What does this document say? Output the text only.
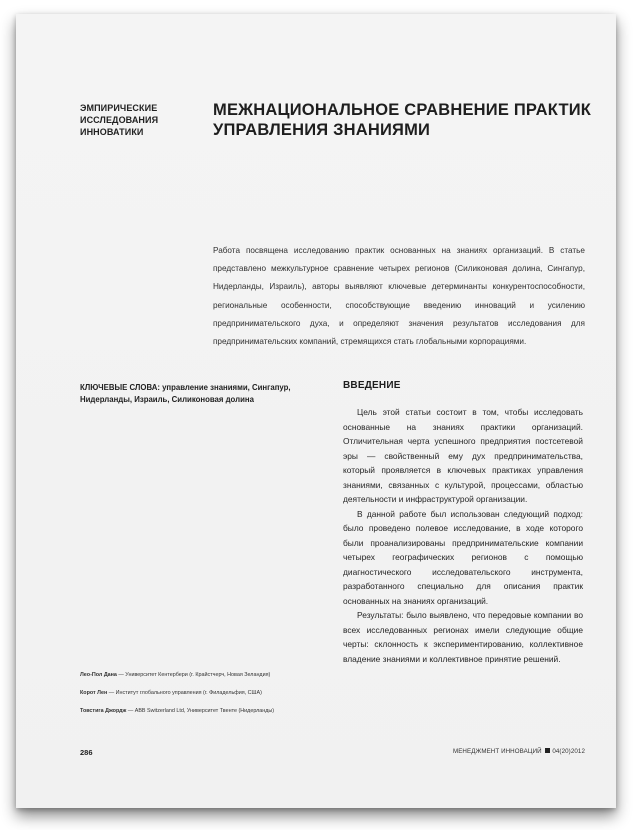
ЭМПИРИЧЕСКИЕ
ИССЛЕДОВАНИЯ
ИННОВАТИКИ
МЕЖНАЦИОНАЛЬНОЕ СРАВНЕНИЕ ПРАКТИК
УПРАВЛЕНИЯ ЗНАНИЯМИ
Работа посвящена исследованию практик основанных на знаниях организаций. В статье представлено межкультурное сравнение четырех регионов (Силиконовая долина, Сингапур, Нидерланды, Израиль), авторы выявляют ключевые детерминанты конкурентоспособности, региональные особенности, способствующие введению инноваций и усилению предпринимательского духа, и определяют значения результатов исследования для предпринимательских компаний, стремящихся стать глобальными корпорациями.
КЛЮЧЕВЫЕ СЛОВА: управление знаниями, Сингапур, Нидерланды, Израиль, Силиконовая долина
ВВЕДЕНИЕ

Цель этой статьи состоит в том, чтобы исследовать основанные на знаниях практики организаций. Отличительная черта успешного предприятия постсетевой эры — свойственный ему дух предпринимательства, который проявляется в ключевых практиках управления знаниями, связанных с культурой, процессами, областью деятельности и инфраструктурой организации.

В данной работе был использован следующий подход: было проведено полевое исследование, в ходе которого были проанализированы предпринимательские компании четырех географических регионов с помощью диагностического исследовательского инструмента, разработанного специально для описания практик основанных на знаниях организаций.

Результаты: было выявлено, что передовые компании во всех исследованных регионах имели следующие общие черты: склонность к экспериментированию, коллективное владение знаниями и коллективное принятие решений.

Лео-Пол Дана — Университет Кентербери (г. Крайстчерч, Новая Зеландия)
Корот Лен — Институт глобального управления (г. Филадельфия, США)
Товстига Джордж — ABB Switzerland Ltd, Университет Твенте (Нидерланды)
286	МЕНЕДЖМЕНТ ИННОВАЦИЙ 04(20)2012
